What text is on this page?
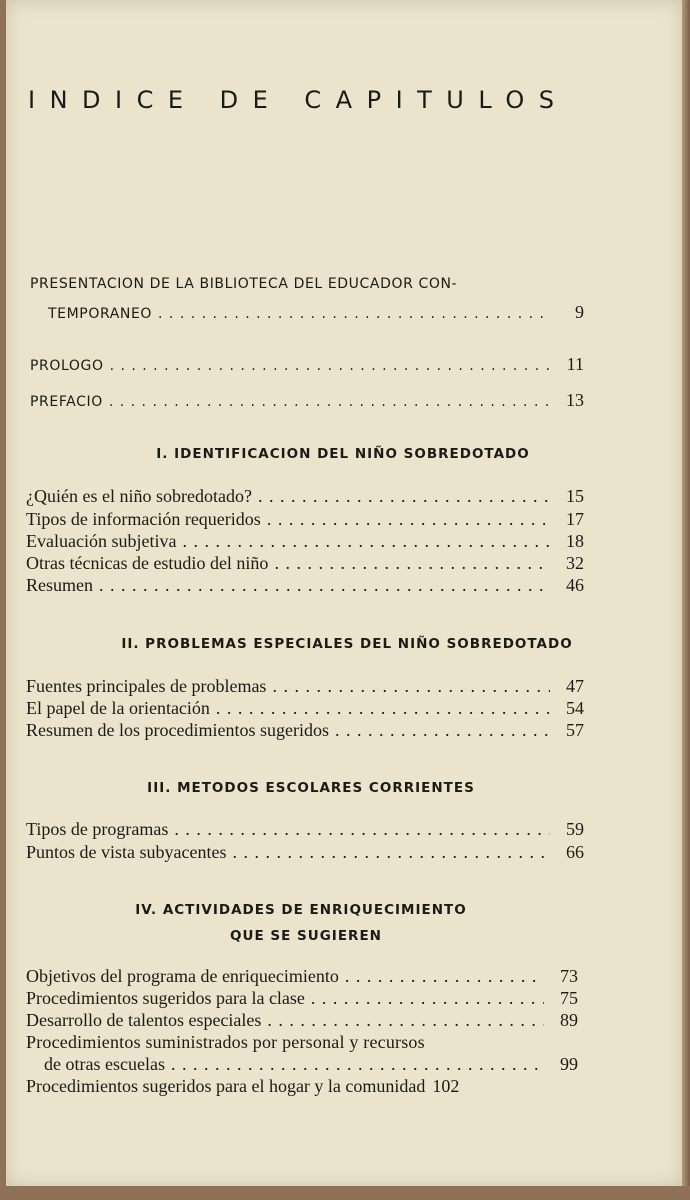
INDICE DE CAPITULOS
PRESENTACION DE LA BIBLIOTECA DEL EDUCADOR CON-
TEMPORANEO . . .	9
PROLOGO . . .	11
PREFACIO . . .	13
I. IDENTIFICACION DEL NIÑO SOBREDOTADO
¿Quién es el niño sobredotado? . . .	15
Tipos de información requeridos . . .	17
Evaluación subjetiva . . .	18
Otras técnicas de estudio del niño . . .	32
Resumen . . .	46
II. PROBLEMAS ESPECIALES DEL NIÑO SOBREDOTADO
Fuentes principales de problemas . . .	47
El papel de la orientación . . .	54
Resumen de los procedimientos sugeridos . . .	57
III. METODOS ESCOLARES CORRIENTES
Tipos de programas . . .	59
Puntos de vista subyacentes . . .	66
IV. ACTIVIDADES DE ENRIQUECIMIENTO
QUE SE SUGIEREN
Objetivos del programa de enriquecimiento . . .	73
Procedimientos sugeridos para la clase . . .	75
Desarrollo de talentos especiales . . .	89
Procedimientos suministrados por personal y recursos
de otras escuelas . . .	99
Procedimientos sugeridos para el hogar y la comunidad 102
